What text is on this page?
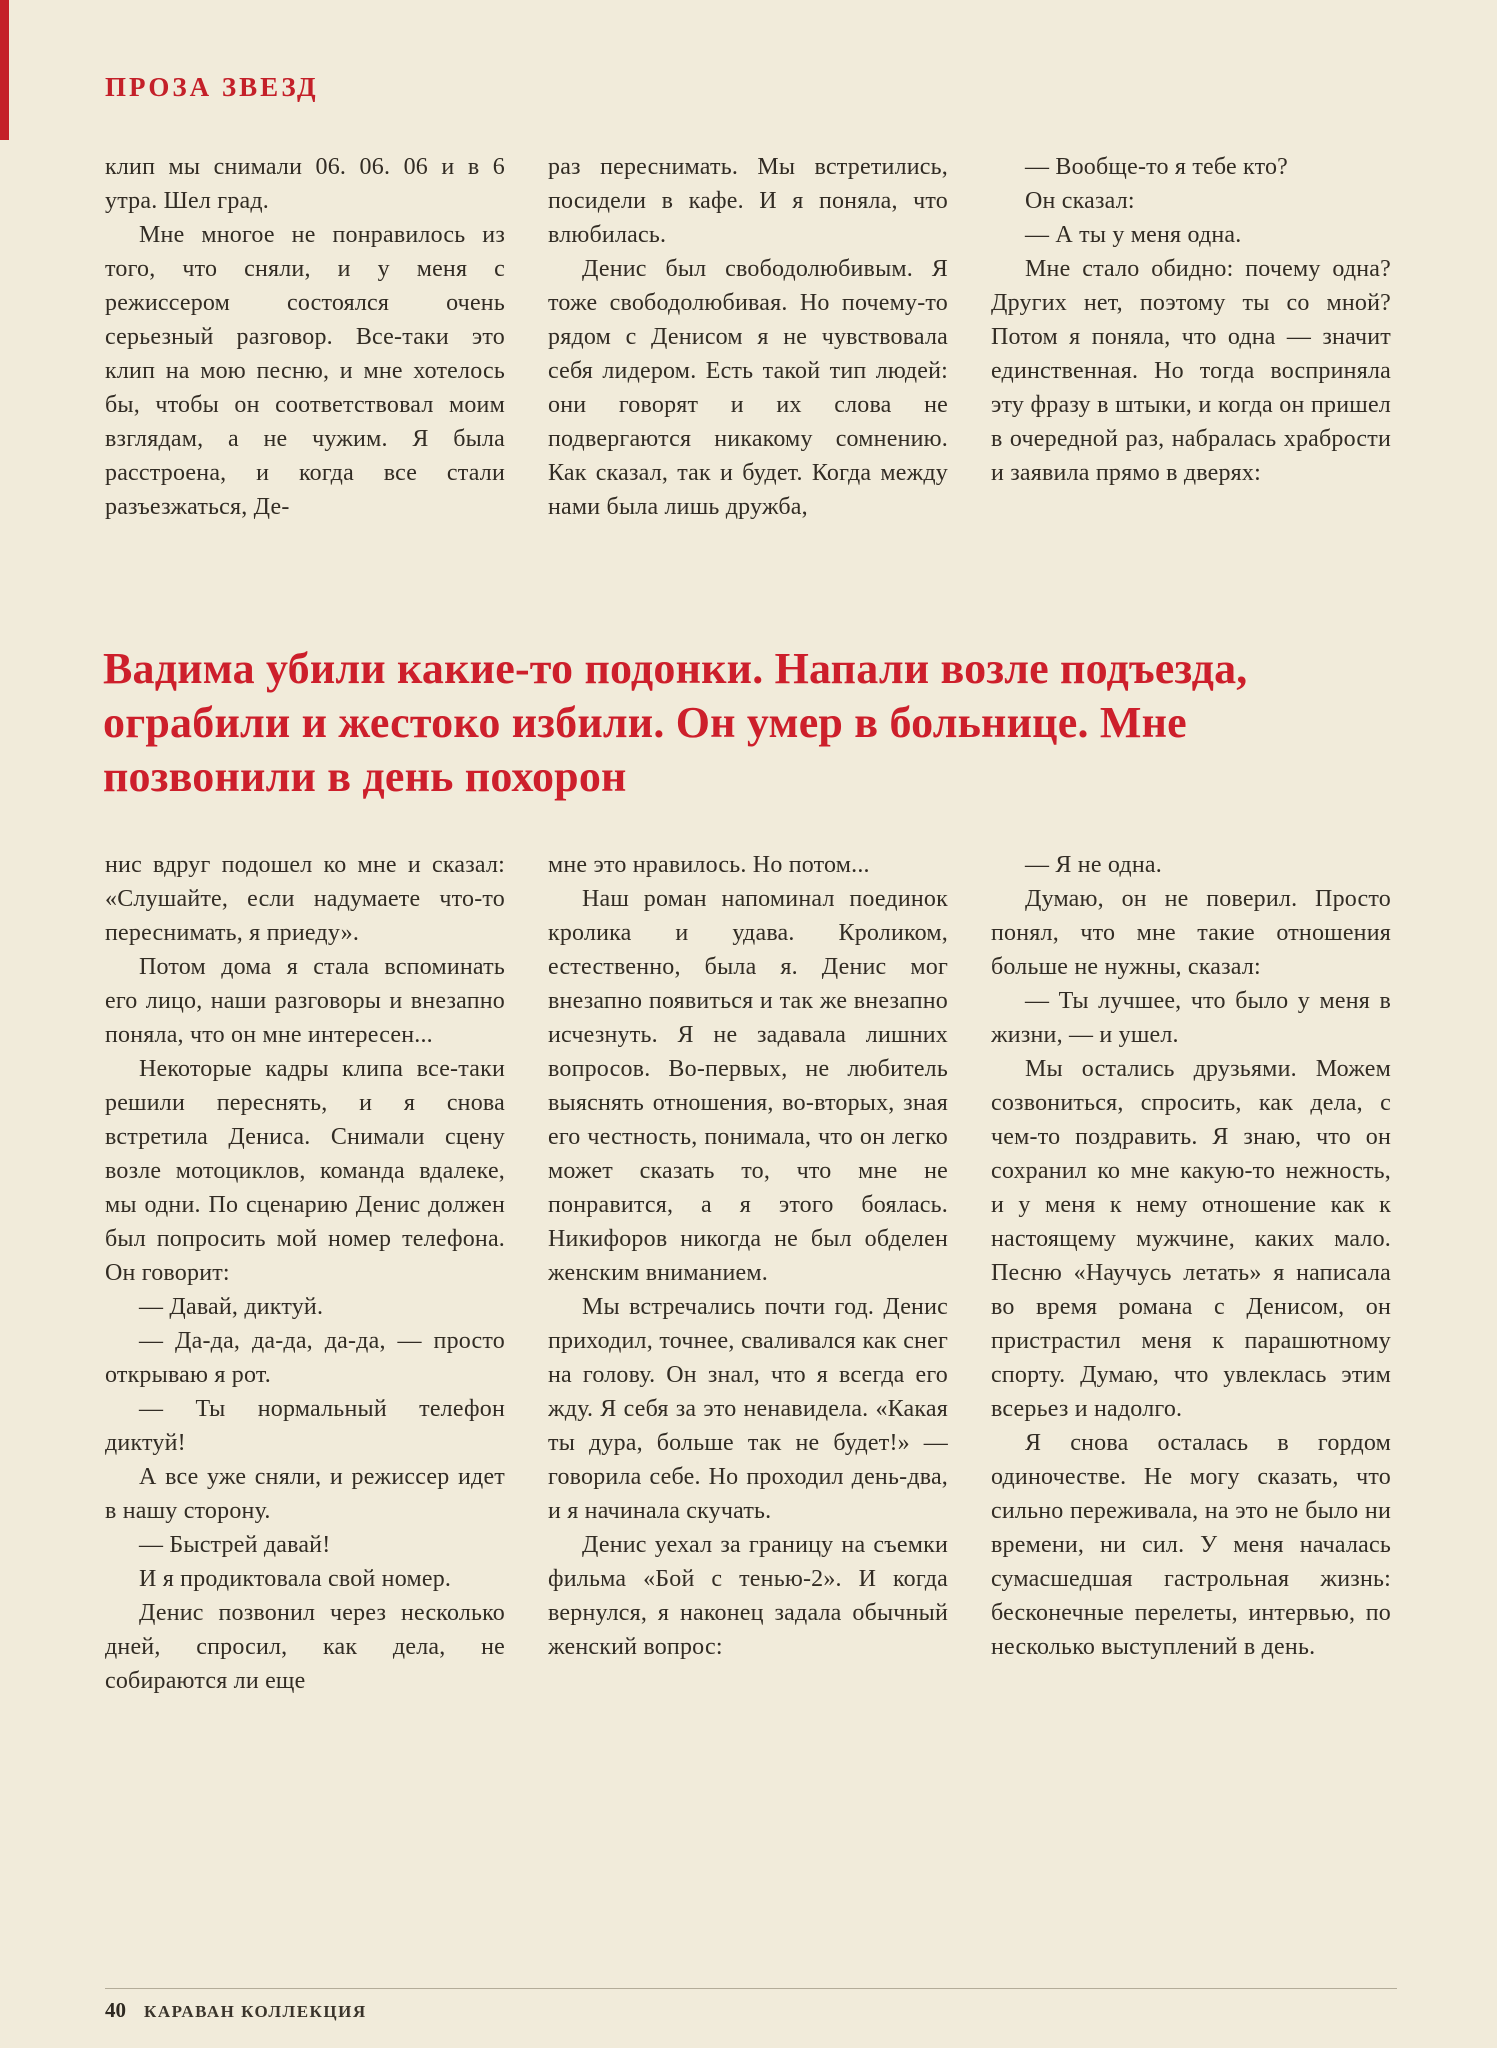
ПРОЗА ЗВЕЗД

клип мы снимали 06. 06. 06 и в 6 утра. Шел град.

Мне многое не понравилось из того, что сняли, и у меня с режиссером состоялся очень серьезный разговор. Все-таки это клип на мою песню, и мне хотелось бы, чтобы он соответствовал моим взглядам, а не чужим. Я была расстроена, и когда все стали разъезжаться, Де-

раз переснимать. Мы встретились, посидели в кафе. И я поняла, что влюбилась.

Денис был свободолюбивым. Я тоже свободолюбивая. Но почему-то рядом с Денисом я не чувствовала себя лидером. Есть такой тип людей: они говорят и их слова не подвергаются никакому сомнению. Как сказал, так и будет. Когда между нами была лишь дружба,

— Вообще-то я тебе кто?

Он сказал:

— А ты у меня одна.

Мне стало обидно: почему одна? Других нет, поэтому ты со мной? Потом я поняла, что одна — значит единственная. Но тогда восприняла эту фразу в штыки, и когда он пришел в очередной раз, набралась храбрости и заявила прямо в дверях:

Вадима убили какие-то подонки. Напали возле подъезда, ограбили и жестоко избили. Он умер в больнице. Мне позвонили в день похорон

нис вдруг подошел ко мне и сказал: «Слушайте, если надумаете что-то переснимать, я приеду».

Потом дома я стала вспоминать его лицо, наши разговоры и внезапно поняла, что он мне интересен...

Некоторые кадры клипа все-таки решили переснять, и я снова встретила Дениса. Снимали сцену возле мотоциклов, команда вдалеке, мы одни. По сценарию Денис должен был попросить мой номер телефона. Он говорит:

— Давай, диктуй.

— Да-да, да-да, да-да, — просто открываю я рот.

— Ты нормальный телефон диктуй!

А все уже сняли, и режиссер идет в нашу сторону.

— Быстрей давай!

И я продиктовала свой номер.

Денис позвонил через несколько дней, спросил, как дела, не собираются ли еще

мне это нравилось. Но потом...

Наш роман напоминал поединок кролика и удава. Кроликом, естественно, была я. Денис мог внезапно появиться и так же внезапно исчезнуть. Я не задавала лишних вопросов. Во-первых, не любитель выяснять отношения, во-вторых, зная его честность, понимала, что он легко может сказать то, что мне не понравится, а я этого боялась. Никифоров никогда не был обделен женским вниманием.

Мы встречались почти год. Денис приходил, точнее, сваливался как снег на голову. Он знал, что я всегда его жду. Я себя за это ненавидела. «Какая ты дура, больше так не будет!» — говорила себе. Но проходил день-два, и я начинала скучать.

Денис уехал за границу на съемки фильма «Бой с тенью-2». И когда вернулся, я наконец задала обычный женский вопрос:

— Я не одна.

Думаю, он не поверил. Просто понял, что мне такие отношения больше не нужны, сказал:

— Ты лучшее, что было у меня в жизни, — и ушел.

Мы остались друзьями. Можем созвониться, спросить, как дела, с чем-то поздравить. Я знаю, что он сохранил ко мне какую-то нежность, и у меня к нему отношение как к настоящему мужчине, каких мало. Песню «Научусь летать» я написала во время романа с Денисом, он пристрастил меня к парашютному спорту. Думаю, что увлеклась этим всерьез и надолго.

Я снова осталась в гордом одиночестве. Не могу сказать, что сильно переживала, на это не было ни времени, ни сил. У меня началась сумасшедшая гастрольная жизнь: бесконечные перелеты, интервью, по несколько выступлений в день.

40 КАРАВАН КОЛЛЕКЦИЯ
